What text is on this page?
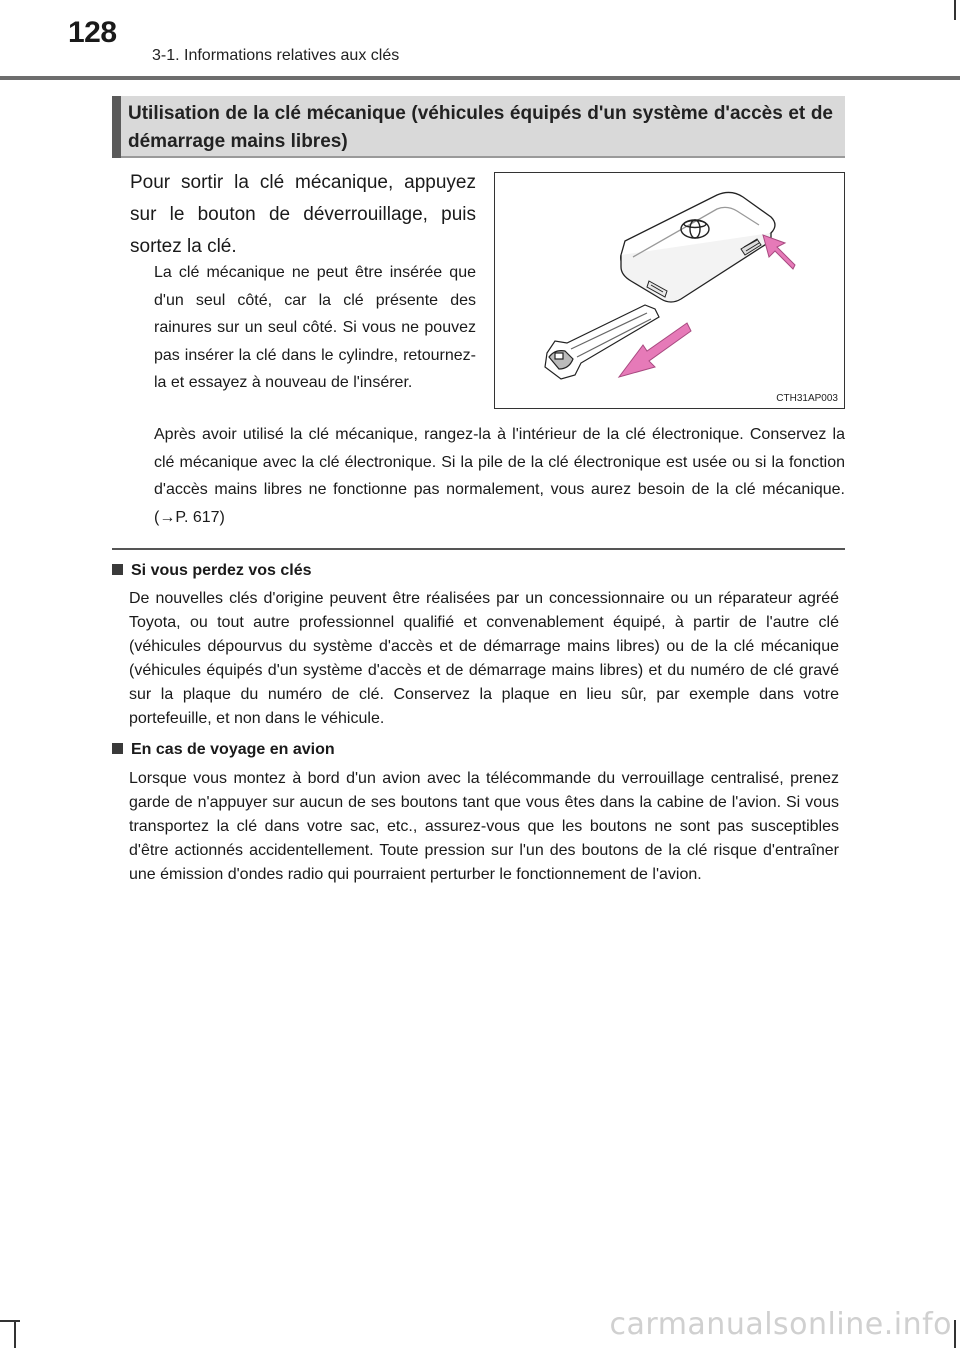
128
3-1. Informations relatives aux clés
Utilisation de la clé mécanique (véhicules équipés d'un système d'accès et de démarrage mains libres)
Pour sortir la clé mécanique, appuyez sur le bouton de déverrouillage, puis sortez la clé.
La clé mécanique ne peut être insérée que d'un seul côté, car la clé présente des rainures sur un seul côté. Si vous ne pouvez pas insérer la clé dans le cylindre, retournez-la et essayez à nouveau de l'insérer.
CTH31AP003
Après avoir utilisé la clé mécanique, rangez-la à l'intérieur de la clé électronique. Conservez la clé mécanique avec la clé électronique. Si la pile de la clé électronique est usée ou si la fonction d'accès mains libres ne fonctionne pas normalement, vous aurez besoin de la clé mécanique. (→P. 617)
Si vous perdez vos clés
De nouvelles clés d'origine peuvent être réalisées par un concessionnaire ou un réparateur agréé Toyota, ou tout autre professionnel qualifié et convenablement équipé, à partir de l'autre clé (véhicules dépourvus du système d'accès et de démarrage mains libres) ou de la clé mécanique (véhicules équipés d'un système d'accès et de démarrage mains libres) et du numéro de clé gravé sur la plaque du numéro de clé. Conservez la plaque en lieu sûr, par exemple dans votre portefeuille, et non dans le véhicule.
En cas de voyage en avion
Lorsque vous montez à bord d'un avion avec la télécommande du verrouillage centralisé, prenez garde de n'appuyer sur aucun de ses boutons tant que vous êtes dans la cabine de l'avion. Si vous transportez la clé dans votre sac, etc., assurez-vous que les boutons ne sont pas susceptibles d'être actionnés accidentellement. Toute pression sur l'un des boutons de la clé risque d'entraîner une émission d'ondes radio qui pourraient perturber le fonctionnement de l'avion.
carmanualsonline.info
